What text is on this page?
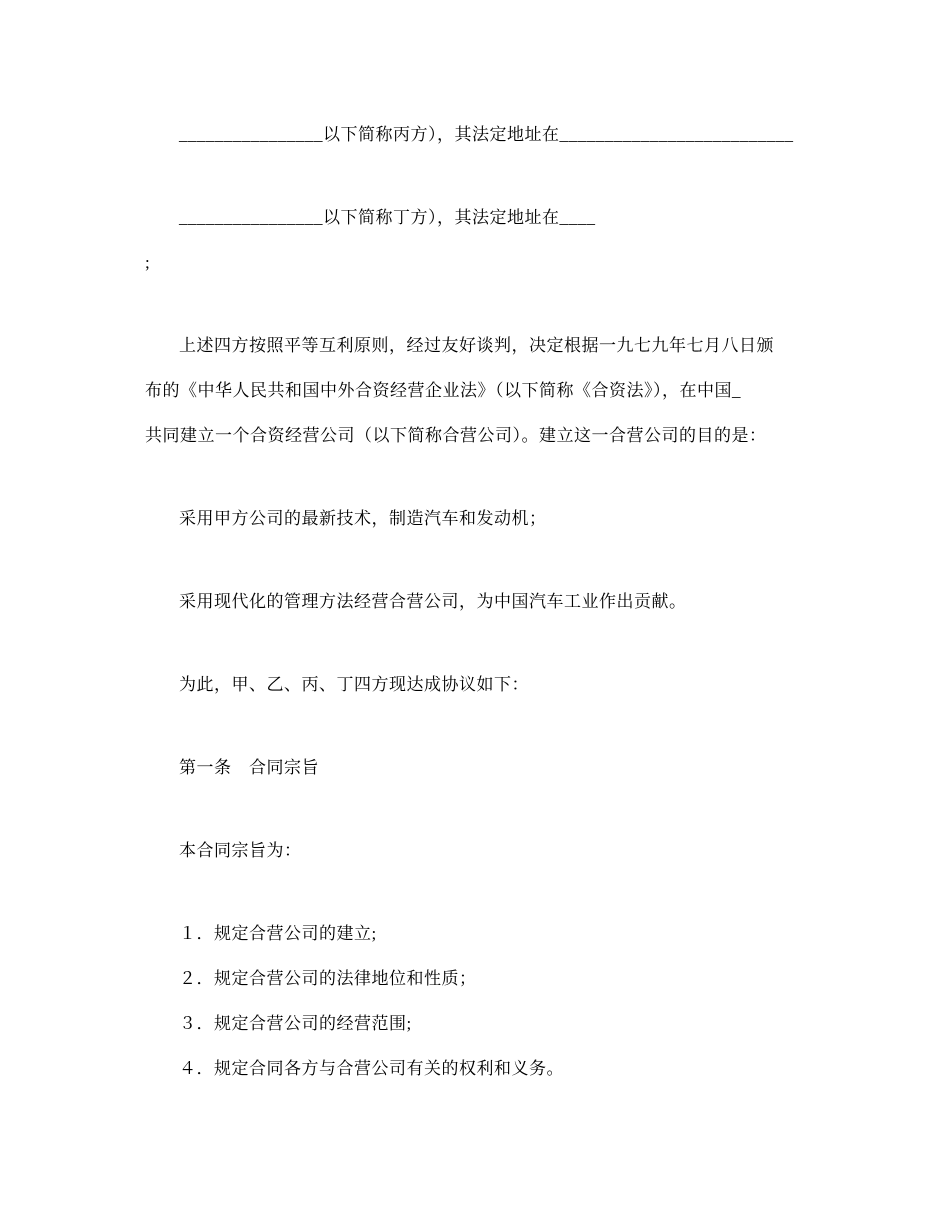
________________以下简称丙方），其法定地址在__________________________
________________以下简称丁方），其法定地址在____
;
上述四方按照平等互利原则，经过友好谈判，决定根据一九七九年七月八日颁
布的《中华人民共和国中外合资经营企业法》（以下简称《合资法》），在中国_
共同建立一个合资经营公司（以下简称合营公司）。建立这一合营公司的目的是：
采用甲方公司的最新技术，制造汽车和发动机；
采用现代化的管理方法经营合营公司，为中国汽车工业作出贡献。
为此，甲、乙、丙、丁四方现达成协议如下：
第一条　合同宗旨
本合同宗旨为：
１．规定合营公司的建立;
２．规定合营公司的法律地位和性质；
３．规定合营公司的经营范围;
４．规定合同各方与合营公司有关的权利和义务。
